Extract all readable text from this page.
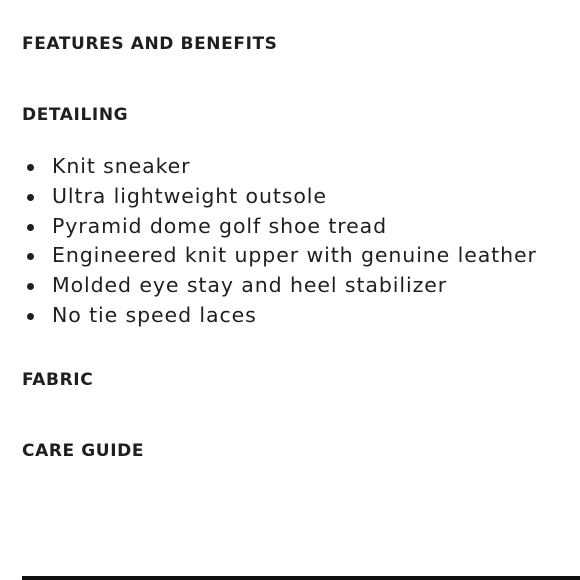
FEATURES AND BENEFITS
DETAILING
Knit sneaker
Ultra lightweight outsole
Pyramid dome golf shoe tread
Engineered knit upper with genuine leather
Molded eye stay and heel stabilizer
No tie speed laces
FABRIC
CARE GUIDE
